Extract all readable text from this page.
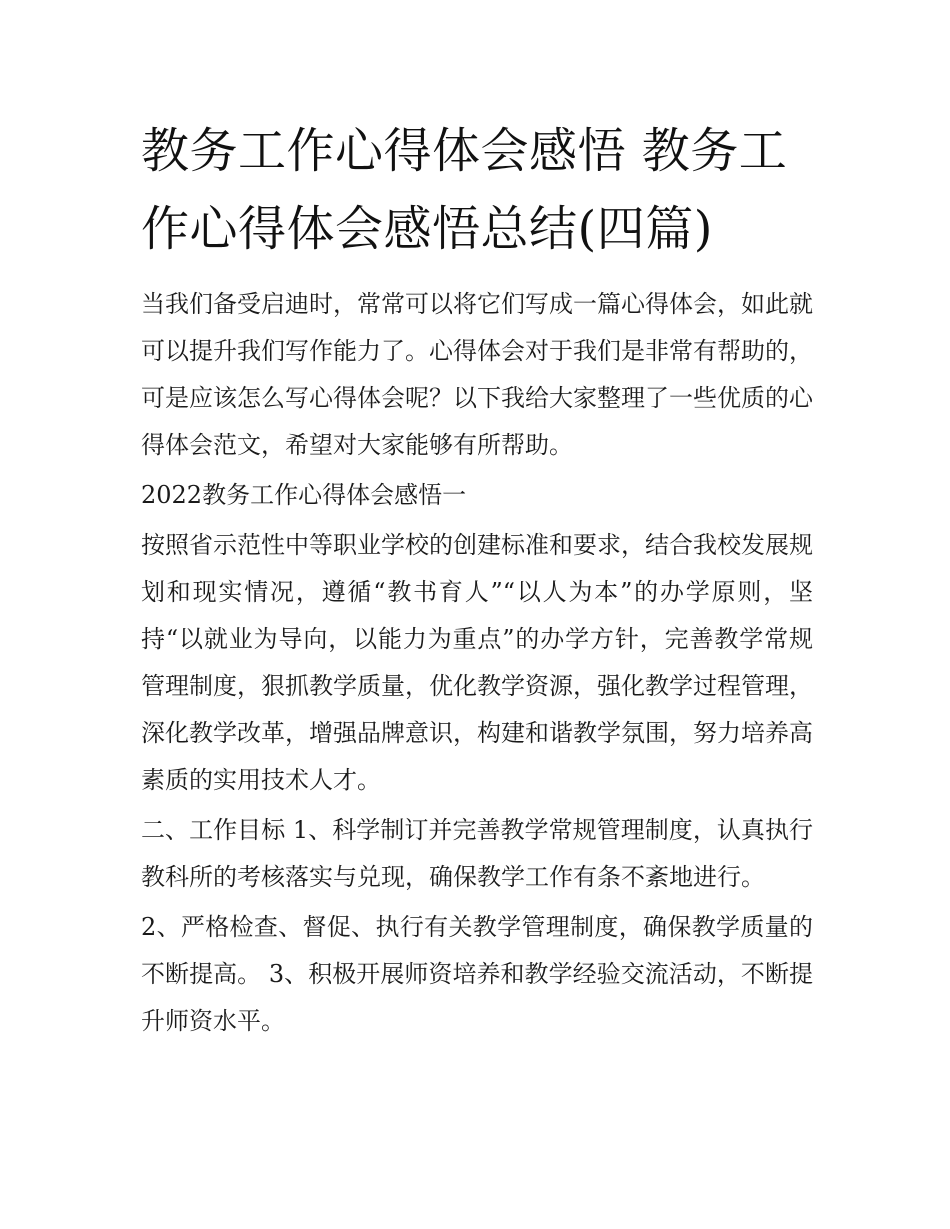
教务工作心得体会感悟 教务工作心得体会感悟总结(四篇)

当我们备受启迪时，常常可以将它们写成一篇心得体会，如此就可以提升我们写作能力了。心得体会对于我们是非常有帮助的，可是应该怎么写心得体会呢？以下我给大家整理了一些优质的心得体会范文，希望对大家能够有所帮助。

2022教务工作心得体会感悟一

按照省示范性中等职业学校的创建标准和要求，结合我校发展规划和现实情况，遵循“教书育人”“以人为本”的办学原则，坚持“以就业为导向，以能力为重点”的办学方针，完善教学常规管理制度，狠抓教学质量，优化教学资源，强化教学过程管理，深化教学改革，增强品牌意识，构建和谐教学氛围，努力培养高素质的实用技术人才。

二、工作目标 1、科学制订并完善教学常规管理制度，认真执行教科所的考核落实与兑现，确保教学工作有条不紊地进行。

2、严格检查、督促、执行有关教学管理制度，确保教学质量的不断提高。 3、积极开展师资培养和教学经验交流活动，不断提升师资水平。
